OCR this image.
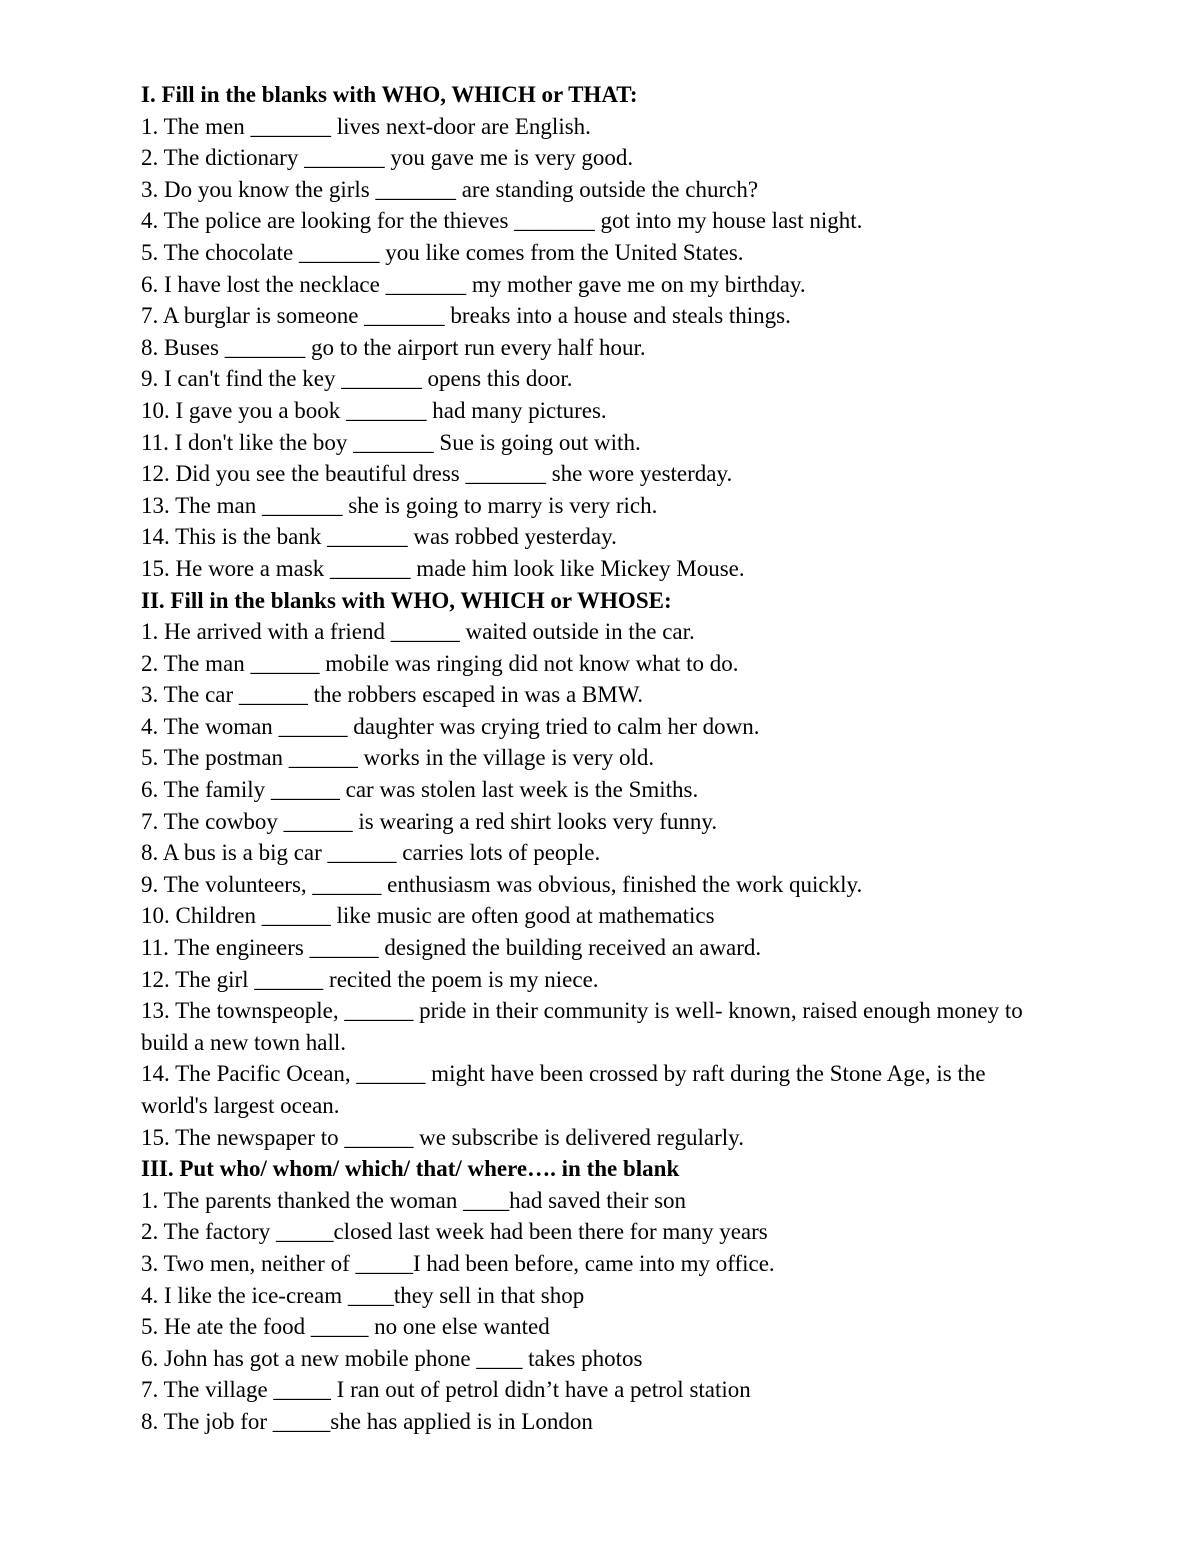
I. Fill in the blanks with WHO, WHICH or THAT:

1. The men _______ lives next-door are English.

2. The dictionary _______ you gave me is very good.

3. Do you know the girls _______ are standing outside the church?

4. The police are looking for the thieves _______ got into my house last night.

5. The chocolate _______ you like comes from the United States.

6. I have lost the necklace _______ my mother gave me on my birthday.

7. A burglar is someone _______ breaks into a house and steals things.

8. Buses _______ go to the airport run every half hour.

9. I can't find the key _______ opens this door.

10. I gave you a book _______ had many pictures.

11. I don't like the boy _______ Sue is going out with.

12. Did you see the beautiful dress _______ she wore yesterday.

13. The man _______ she is going to marry is very rich.

14. This is the bank _______ was robbed yesterday.

15. He wore a mask _______ made him look like Mickey Mouse.

II. Fill in the blanks with WHO, WHICH or WHOSE:

1. He arrived with a friend ______ waited outside in the car.

2. The man ______ mobile was ringing did not know what to do.

3. The car ______ the robbers escaped in was a BMW.

4. The woman ______ daughter was crying tried to calm her down.

5. The postman ______ works in the village is very old.

6. The family ______ car was stolen last week is the Smiths.

7. The cowboy ______ is wearing a red shirt looks very funny.

8. A bus is a big car ______ carries lots of people.

9. The volunteers, ______ enthusiasm was obvious, finished the work quickly.

10. Children ______ like music are often good at mathematics

11. The engineers ______ designed the building received an award.

12. The girl ______ recited the poem is my niece.

13. The townspeople, ______ pride in their community is well- known, raised enough money to build a new town hall.

14. The Pacific Ocean, ______ might have been crossed by raft during the Stone Age, is the world's largest ocean.

15. The newspaper to ______ we subscribe is delivered regularly.

III. Put who/ whom/ which/ that/ where…. in the blank

1. The parents thanked the woman ____had saved their son

2. The factory _____closed last week had been there for many years

3. Two men, neither of _____I had been before, came into my office.

4. I like the ice-cream ____they sell in that shop

5. He ate the food _____ no one else wanted

6. John has got a new mobile phone ____ takes photos

7. The village _____ I ran out of petrol didn’t have a petrol station

8. The job for _____she has applied is in London
